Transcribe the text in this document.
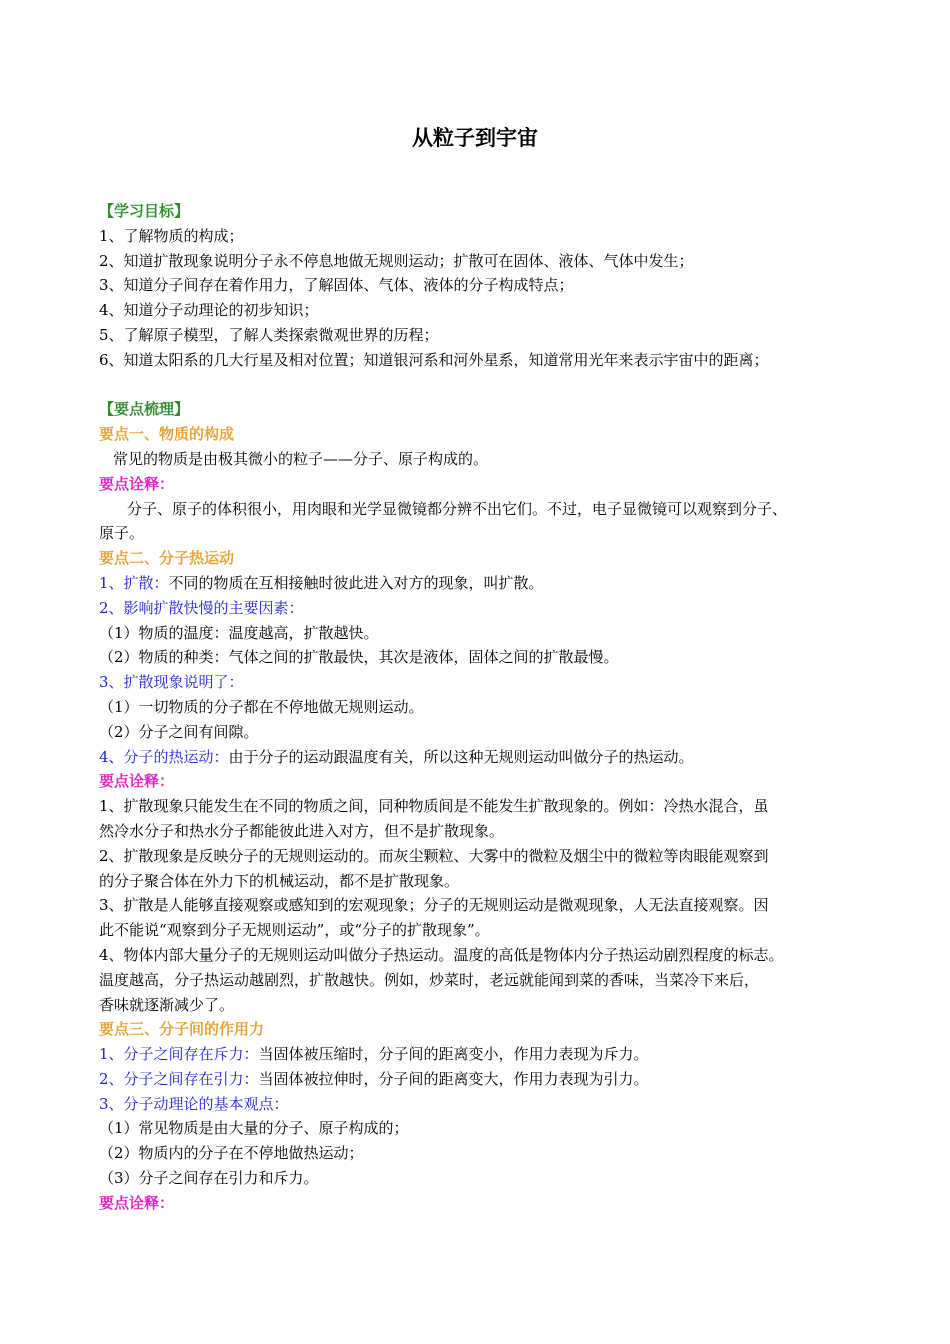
从粒子到宇宙
【学习目标】
1、了解物质的构成；
2、知道扩散现象说明分子永不停息地做无规则运动；扩散可在固体、液体、气体中发生；
3、知道分子间存在着作用力，了解固体、气体、液体的分子构成特点；
4、知道分子动理论的初步知识；
5、了解原子模型，了解人类探索微观世界的历程；
6、知道太阳系的几大行星及相对位置；知道银河系和河外星系，知道常用光年来表示宇宙中的距离；
【要点梳理】
要点一、物质的构成
常见的物质是由极其微小的粒子——分子、原子构成的。
要点诠释：
分子、原子的体积很小，用肉眼和光学显微镜都分辨不出它们。不过，电子显微镜可以观察到分子、
原子。
要点二、分子热运动
1、扩散：不同的物质在互相接触时彼此进入对方的现象，叫扩散。
2、影响扩散快慢的主要因素：
（1）物质的温度：温度越高，扩散越快。
（2）物质的种类：气体之间的扩散最快，其次是液体，固体之间的扩散最慢。
3、扩散现象说明了：
（1）一切物质的分子都在不停地做无规则运动。
（2）分子之间有间隙。
4、分子的热运动：由于分子的运动跟温度有关，所以这种无规则运动叫做分子的热运动。
要点诠释：
1、扩散现象只能发生在不同的物质之间，同种物质间是不能发生扩散现象的。例如：冷热水混合，虽
然冷水分子和热水分子都能彼此进入对方，但不是扩散现象。
2、扩散现象是反映分子的无规则运动的。而灰尘颗粒、大雾中的微粒及烟尘中的微粒等肉眼能观察到
的分子聚合体在外力下的机械运动，都不是扩散现象。
3、扩散是人能够直接观察或感知到的宏观现象；分子的无规则运动是微观现象，人无法直接观察。因
此不能说“观察到分子无规则运动”，或“分子的扩散现象”。
4、物体内部大量分子的无规则运动叫做分子热运动。温度的高低是物体内分子热运动剧烈程度的标志。
温度越高，分子热运动越剧烈，扩散越快。例如，炒菜时，老远就能闻到菜的香味，当菜冷下来后，
香味就逐渐减少了。
要点三、分子间的作用力
1、分子之间存在斥力：当固体被压缩时，分子间的距离变小，作用力表现为斥力。
2、分子之间存在引力：当固体被拉伸时，分子间的距离变大，作用力表现为引力。
3、分子动理论的基本观点：
（1）常见物质是由大量的分子、原子构成的；
（2）物质内的分子在不停地做热运动；
（3）分子之间存在引力和斥力。
要点诠释：
